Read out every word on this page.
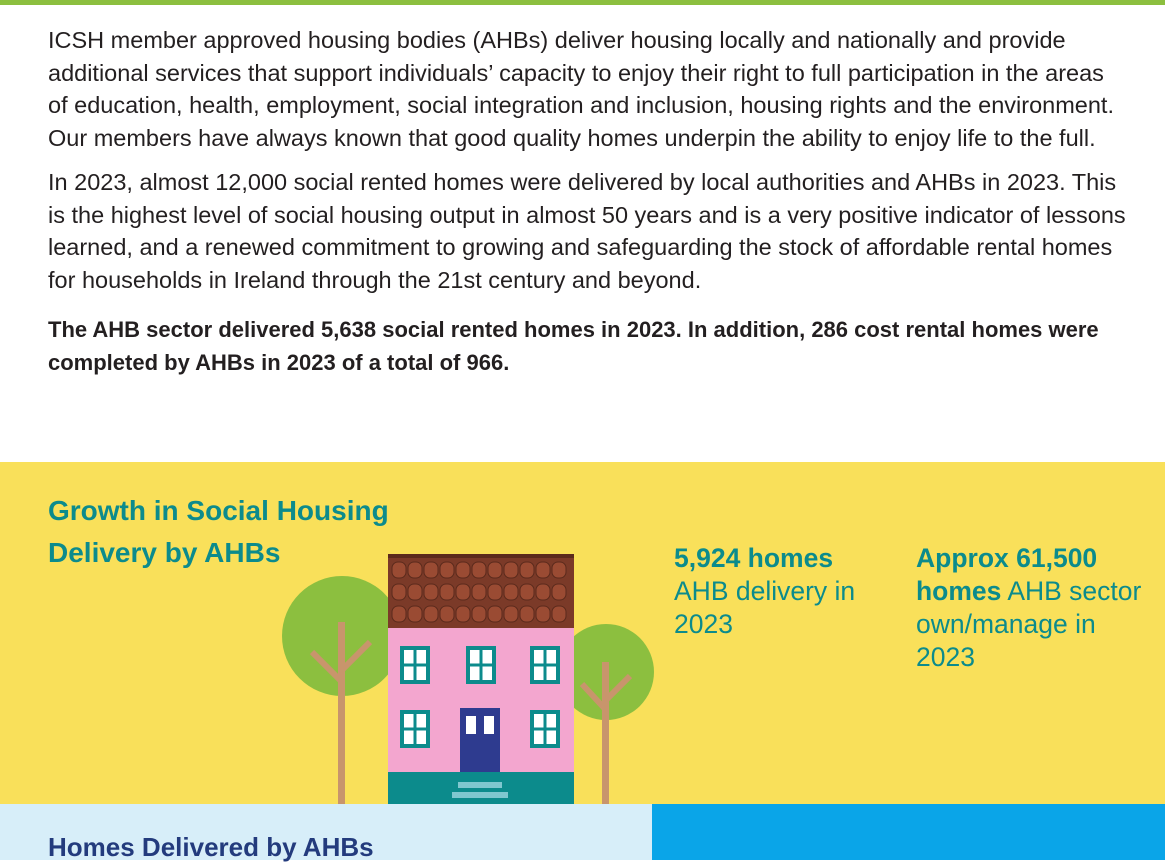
ICSH member approved housing bodies (AHBs) deliver housing locally and nationally and provide additional services that support individuals’ capacity to enjoy their right to full participation in the areas of education, health, employment, social integration and inclusion, housing rights and the environment. Our members have always known that good quality homes underpin the ability to enjoy life to the full.

In 2023, almost 12,000 social rented homes were delivered by local authorities and AHBs in 2023. This is the highest level of social housing output in almost 50 years and is a very positive indicator of lessons learned, and a renewed commitment to growing and safeguarding the stock of affordable rental homes for households in Ireland through the 21st century and beyond.

The AHB sector delivered 5,638 social rented homes in 2023. In addition, 286 cost rental homes were completed by AHBs in 2023 of a total of 966.

Growth in Social Housing Delivery by AHBs	5,924 homes
AHB delivery in 2023
Approx 61,500 homes AHB sector own/manage in 2023
Homes Delivered by AHBs
